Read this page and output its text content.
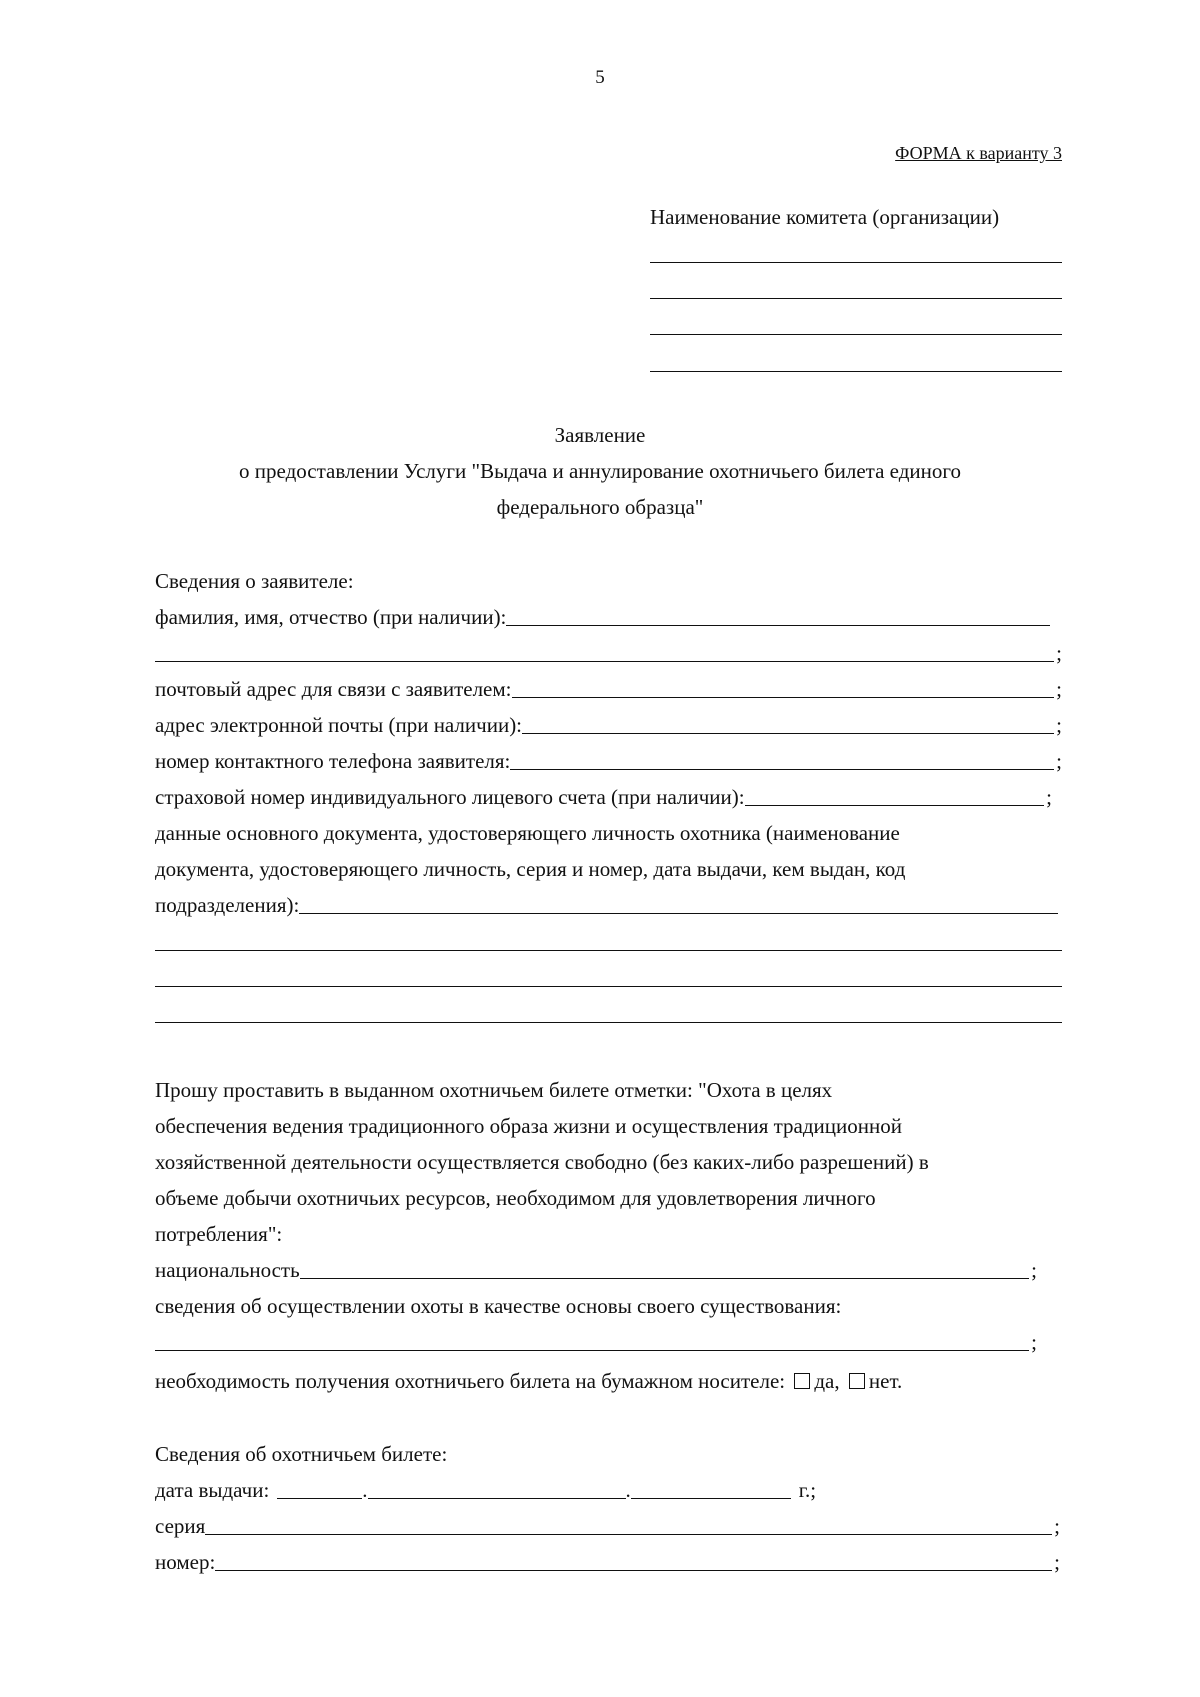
5
ФОРМА к варианту 3
Наименование комитета (организации)
Заявление
о предоставлении Услуги "Выдача и аннулирование охотничьего билета единого
федерального образца"
Сведения о заявителе:
фамилия, имя, отчество (при наличии):
;
почтовый адрес для связи с заявителем:	;
адрес электронной почты (при наличии):	;
номер контактного телефона заявителя:	;
страховой номер индивидуального лицевого счета (при наличии):	;
данные основного документа, удостоверяющего личность охотника (наименование
документа, удостоверяющего личность, серия и номер, дата выдачи, кем выдан, код
подразделения):
Прошу проставить в выданном охотничьем билете отметки: "Охота в целях
обеспечения ведения традиционного образа жизни и осуществления традиционной
хозяйственной деятельности осуществляется свободно (без каких-либо разрешений) в
объеме добычи охотничьих ресурсов, необходимом для удовлетворения личного
потребления":
национальность	;
сведения об осуществлении охоты в качестве основы своего существования:
;
необходимость получения охотничьего билета на бумажном носителе: да, нет.
Сведения об охотничьем билете:
дата выдачи:	.	.	г.;
серия	;
номер:	;
